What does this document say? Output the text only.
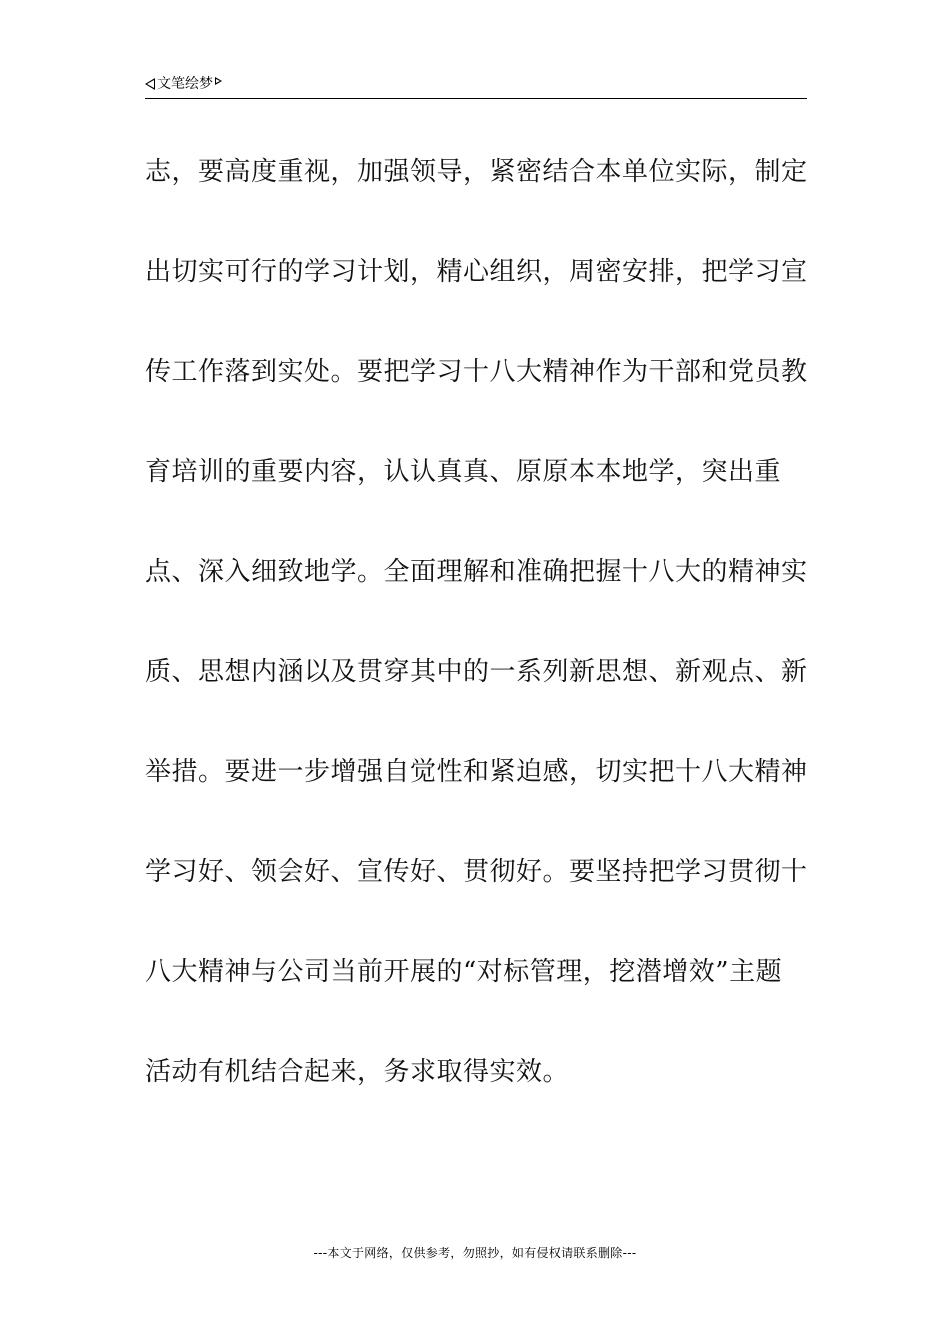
文笔绘梦
志，要高度重视，加强领导，紧密结合本单位实际，制定
出切实可行的学习计划，精心组织，周密安排，把学习宣
传工作落到实处。要把学习十八大精神作为干部和党员教
育培训的重要内容，认认真真、原原本本地学，突出重
点、深入细致地学。全面理解和准确把握十八大的精神实
质、思想内涵以及贯穿其中的一系列新思想、新观点、新
举措。要进一步增强自觉性和紧迫感，切实把十八大精神
学习好、领会好、宣传好、贯彻好。要坚持把学习贯彻十
八大精神与公司当前开展的“对标管理，挖潜增效”主题
活动有机结合起来，务求取得实效。
---本文于网络，仅供参考，勿照抄，如有侵权请联系删除---
